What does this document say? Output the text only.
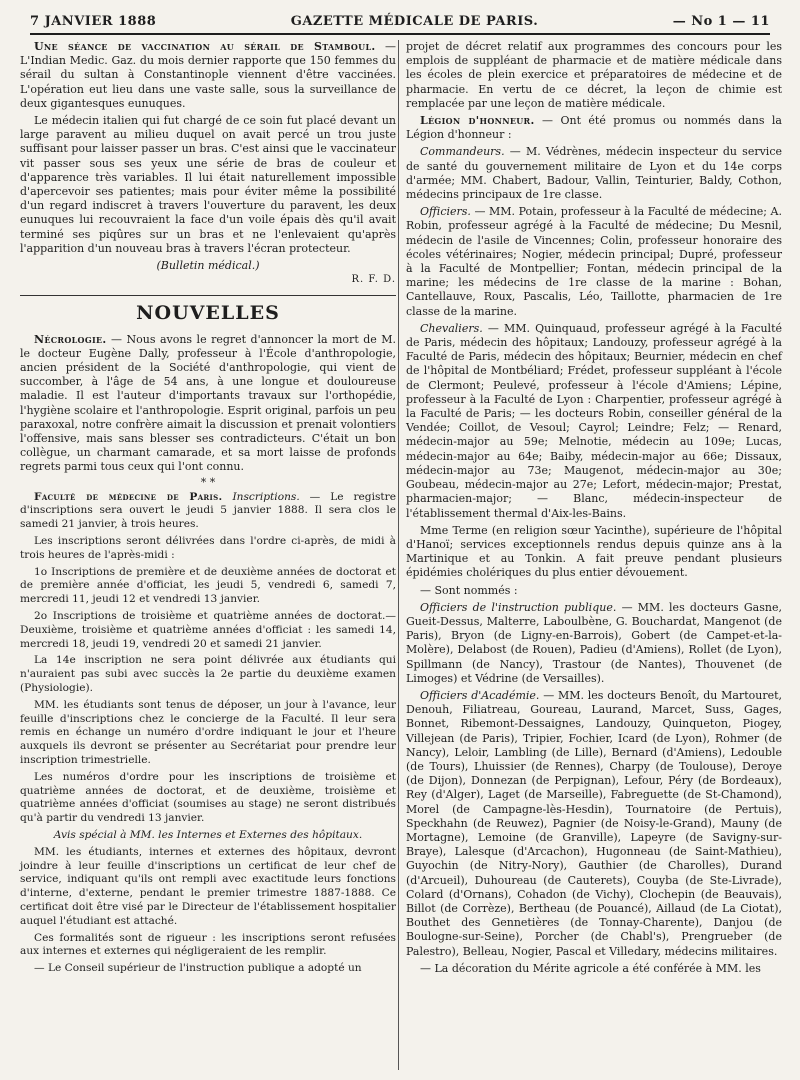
7 JANVIER 1888	GAZETTE MÉDICALE DE PARIS.	— No 1 — 11

Une séance de vaccination au sérail de Stamboul. — L'Indian Medic. Gaz. du mois dernier rapporte que 150 femmes du sérail du sultan à Constantinople viennent d'être vaccinées. L'opération eut lieu dans une vaste salle, sous la surveillance de deux gigantesques eunuques.

Le médecin italien qui fut chargé de ce soin fut placé devant un large paravent au milieu duquel on avait percé un trou juste suffisant pour laisser passer un bras. C'est ainsi que le vaccinateur vit passer sous ses yeux une série de bras de couleur et d'apparence très variables. Il lui était naturellement impossible d'apercevoir ses patientes; mais pour éviter même la possibilité d'un regard indiscret à travers l'ouverture du paravent, les deux eunuques lui recouvraient la face d'un voile épais dès qu'il avait terminé ses piqûres sur un bras et ne l'enlevaient qu'après l'apparition d'un nouveau bras à travers l'écran protecteur.

(Bulletin médical.)

R. F. D.

NOUVELLES

Nécrologie. — Nous avons le regret d'annoncer la mort de M. le docteur Eugène Dally, professeur à l'École d'anthropologie, ancien président de la Société d'anthropologie, qui vient de succomber, à l'âge de 54 ans, à une longue et douloureuse maladie. Il est l'auteur d'importants travaux sur l'orthopédie, l'hygiène scolaire et l'anthropologie. Esprit original, parfois un peu paraxoxal, notre confrère aimait la discussion et prenait volontiers l'offensive, mais sans blesser ses contradicteurs. C'était un bon collègue, un charmant camarade, et sa mort laisse de profonds regrets parmi tous ceux qui l'ont connu.

* *

Faculté de médecine de Paris. Inscriptions. — Le registre d'inscriptions sera ouvert le jeudi 5 janvier 1888. Il sera clos le samedi 21 janvier, à trois heures.

Les inscriptions seront délivrées dans l'ordre ci-après, de midi à trois heures de l'après-midi :

1o Inscriptions de première et de deuxième années de doctorat et de première année d'officiat, les jeudi 5, vendredi 6, samedi 7, mercredi 11, jeudi 12 et vendredi 13 janvier.

2o Inscriptions de troisième et quatrième années de doctorat.— Deuxième, troisième et quatrième années d'officiat : les samedi 14, mercredi 18, jeudi 19, vendredi 20 et samedi 21 janvier.

La 14e inscription ne sera point délivrée aux étudiants qui n'auraient pas subi avec succès la 2e partie du deuxième examen (Physiologie).

MM. les étudiants sont tenus de déposer, un jour à l'avance, leur feuille d'inscriptions chez le concierge de la Faculté. Il leur sera remis en échange un numéro d'ordre indiquant le jour et l'heure auxquels ils devront se présenter au Secrétariat pour prendre leur inscription trimestrielle.

Les numéros d'ordre pour les inscriptions de troisième et quatrième années de doctorat, et de deuxième, troisième et quatrième années d'officiat (soumises au stage) ne seront distribués qu'à partir du vendredi 13 janvier.

Avis spécial à MM. les Internes et Externes des hôpitaux.

MM. les étudiants, internes et externes des hôpitaux, devront joindre à leur feuille d'inscriptions un certificat de leur chef de service, indiquant qu'ils ont rempli avec exactitude leurs fonctions d'interne, d'externe, pendant le premier trimestre 1887-1888. Ce certificat doit être visé par le Directeur de l'établissement hospitalier auquel l'étudiant est attaché.

Ces formalités sont de rigueur : les inscriptions seront refusées aux internes et externes qui négligeraient de les remplir.

— Le Conseil supérieur de l'instruction publique a adopté un

projet de décret relatif aux programmes des concours pour les emplois de suppléant de pharmacie et de matière médicale dans les écoles de plein exercice et préparatoires de médecine et de pharmacie. En vertu de ce décret, la leçon de chimie est remplacée par une leçon de matière médicale.

Légion d'honneur. — Ont été promus ou nommés dans la Légion d'honneur :

Commandeurs. — M. Védrènes, médecin inspecteur du service de santé du gouvernement militaire de Lyon et du 14e corps d'armée; MM. Chabert, Badour, Vallin, Teinturier, Baldy, Cothon, médecins principaux de 1re classe.

Officiers. — MM. Potain, professeur à la Faculté de médecine; A. Robin, professeur agrégé à la Faculté de médecine; Du Mesnil, médecin de l'asile de Vincennes; Colin, professeur honoraire des écoles vétérinaires; Nogier, médecin principal; Dupré, professeur à la Faculté de Montpellier; Fontan, médecin principal de la marine; les médecins de 1re classe de la marine : Bohan, Cantellauve, Roux, Pascalis, Léo, Taillotte, pharmacien de 1re classe de la marine.

Chevaliers. — MM. Quinquaud, professeur agrégé à la Faculté de Paris, médecin des hôpitaux; Landouzy, professeur agrégé à la Faculté de Paris, médecin des hôpitaux; Beurnier, médecin en chef de l'hôpital de Montbéliard; Frédet, professeur suppléant à l'école de Clermont; Peulevé, professeur à l'école d'Amiens; Lépine, professeur à la Faculté de Lyon : Charpentier, professeur agrégé à la Faculté de Paris; — les docteurs Robin, conseiller général de la Vendée; Coillot, de Vesoul; Cayrol; Leindre; Felz; — Renard, médecin-major au 59e; Melnotie, médecin au 109e; Lucas, médecin-major au 64e; Baiby, médecin-major au 66e; Dissaux, médecin-major au 73e; Maugenot, médecin-major au 30e; Goubeau, médecin-major au 27e; Lefort, médecin-major; Prestat, pharmacien-major; — Blanc, médecin-inspecteur de l'établissement thermal d'Aix-les-Bains.

Mme Terme (en religion sœur Yacinthe), supérieure de l'hôpital d'Hanoï; services exceptionnels rendus depuis quinze ans à la Martinique et au Tonkin. A fait preuve pendant plusieurs épidémies cholériques du plus entier dévouement.

— Sont nommés :

Officiers de l'instruction publique. — MM. les docteurs Gasne, Gueit-Dessus, Malterre, Laboulbène, G. Bouchardat, Mangenot (de Paris), Bryon (de Ligny-en-Barrois), Gobert (de Campet-et-la-Molère), Delabost (de Rouen), Padieu (d'Amiens), Rollet (de Lyon), Spillmann (de Nancy), Trastour (de Nantes), Thouvenet (de Limoges) et Védrine (de Versailles).

Officiers d'Académie. — MM. les docteurs Benoît, du Martouret, Denouh, Filiatreau, Goureau, Laurand, Marcet, Suss, Gages, Bonnet, Ribemont-Dessaignes, Landouzy, Quinqueton, Piogey, Villejean (de Paris), Tripier, Fochier, Icard (de Lyon), Rohmer (de Nancy), Leloir, Lambling (de Lille), Bernard (d'Amiens), Ledouble (de Tours), Lhuissier (de Rennes), Charpy (de Toulouse), Deroye (de Dijon), Donnezan (de Perpignan), Lefour, Péry (de Bordeaux), Rey (d'Alger), Laget (de Marseille), Fabreguette (de St-Chamond), Morel (de Campagne-lès-Hesdin), Tournatoire (de Pertuis), Speckhahn (de Reuwez), Pagnier (de Noisy-le-Grand), Mauny (de Mortagne), Lemoine (de Granville), Lapeyre (de Savigny-sur-Braye), Lalesque (d'Arcachon), Hugonneau (de Saint-Mathieu), Guyochin (de Nitry-Nory), Gauthier (de Charolles), Durand (d'Arcueil), Duhoureau (de Cauterets), Couyba (de Ste-Livrade), Colard (d'Ornans), Cohadon (de Vichy), Clochepin (de Beauvais), Billot (de Corrèze), Bertheau (de Pouancé), Aillaud (de La Ciotat), Bouthet des Gennetières (de Tonnay-Charente), Danjou (de Boulogne-sur-Seine), Porcher (de Chabl's), Prengrueber (de Palestro), Belleau, Nogier, Pascal et Villedary, médecins militaires.

— La décoration du Mérite agricole a été conférée à MM. les
